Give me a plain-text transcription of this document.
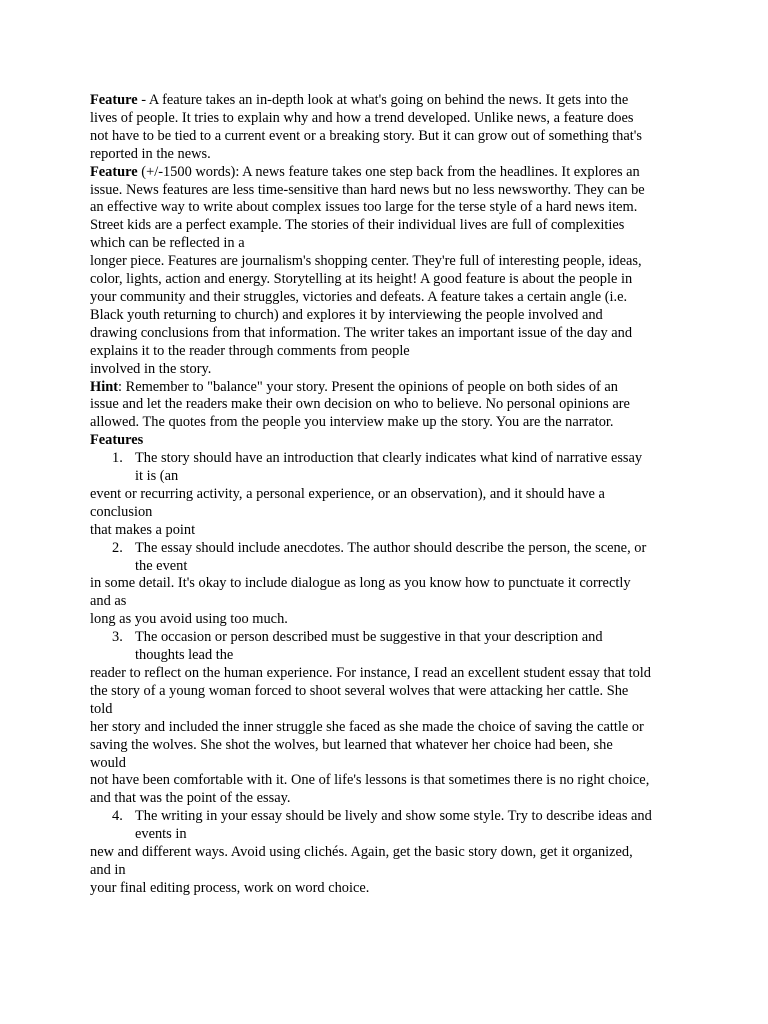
Feature - A feature takes an in-depth look at what's going on behind the news. It gets into the
lives of people. It tries to explain why and how a trend developed. Unlike news, a feature does
not have to be tied to a current event or a breaking story. But it can grow out of something that's
reported in the news.

Feature (+/-1500 words): A news feature takes one step back from the headlines. It explores an
issue. News features are less time-sensitive than hard news but no less newsworthy. They can be
an effective way to write about complex issues too large for the terse style of a hard news item.
Street kids are a perfect example. The stories of their individual lives are full of complexities
which can be reflected in a
longer piece. Features are journalism's shopping center. They're full of interesting people, ideas,
color, lights, action and energy. Storytelling at its height! A good feature is about the people in
your community and their struggles, victories and defeats. A feature takes a certain angle (i.e.
Black youth returning to church) and explores it by interviewing the people involved and
drawing conclusions from that information. The writer takes an important issue of the day and
explains it to the reader through comments from people
involved in the story.

Hint: Remember to "balance" your story. Present the opinions of people on both sides of an
issue and let the readers make their own decision on who to believe. No personal opinions are
allowed. The quotes from the people you interview make up the story. You are the narrator.

Features

1. The story should have an introduction that clearly indicates what kind of narrative essay
it is (an

event or recurring activity, a personal experience, or an observation), and it should have a
conclusion
that makes a point

2. The essay should include anecdotes. The author should describe the person, the scene, or
the event

in some detail. It's okay to include dialogue as long as you know how to punctuate it correctly
and as
long as you avoid using too much.

3. The occasion or person described must be suggestive in that your description and
thoughts lead the

reader to reflect on the human experience. For instance, I read an excellent student essay that told
the story of a young woman forced to shoot several wolves that were attacking her cattle. She
told
her story and included the inner struggle she faced as she made the choice of saving the cattle or
saving the wolves. She shot the wolves, but learned that whatever her choice had been, she
would
not have been comfortable with it. One of life's lessons is that sometimes there is no right choice,
and that was the point of the essay.

4. The writing in your essay should be lively and show some style. Try to describe ideas and
events in

new and different ways. Avoid using clichés. Again, get the basic story down, get it organized,
and in
your final editing process, work on word choice.
